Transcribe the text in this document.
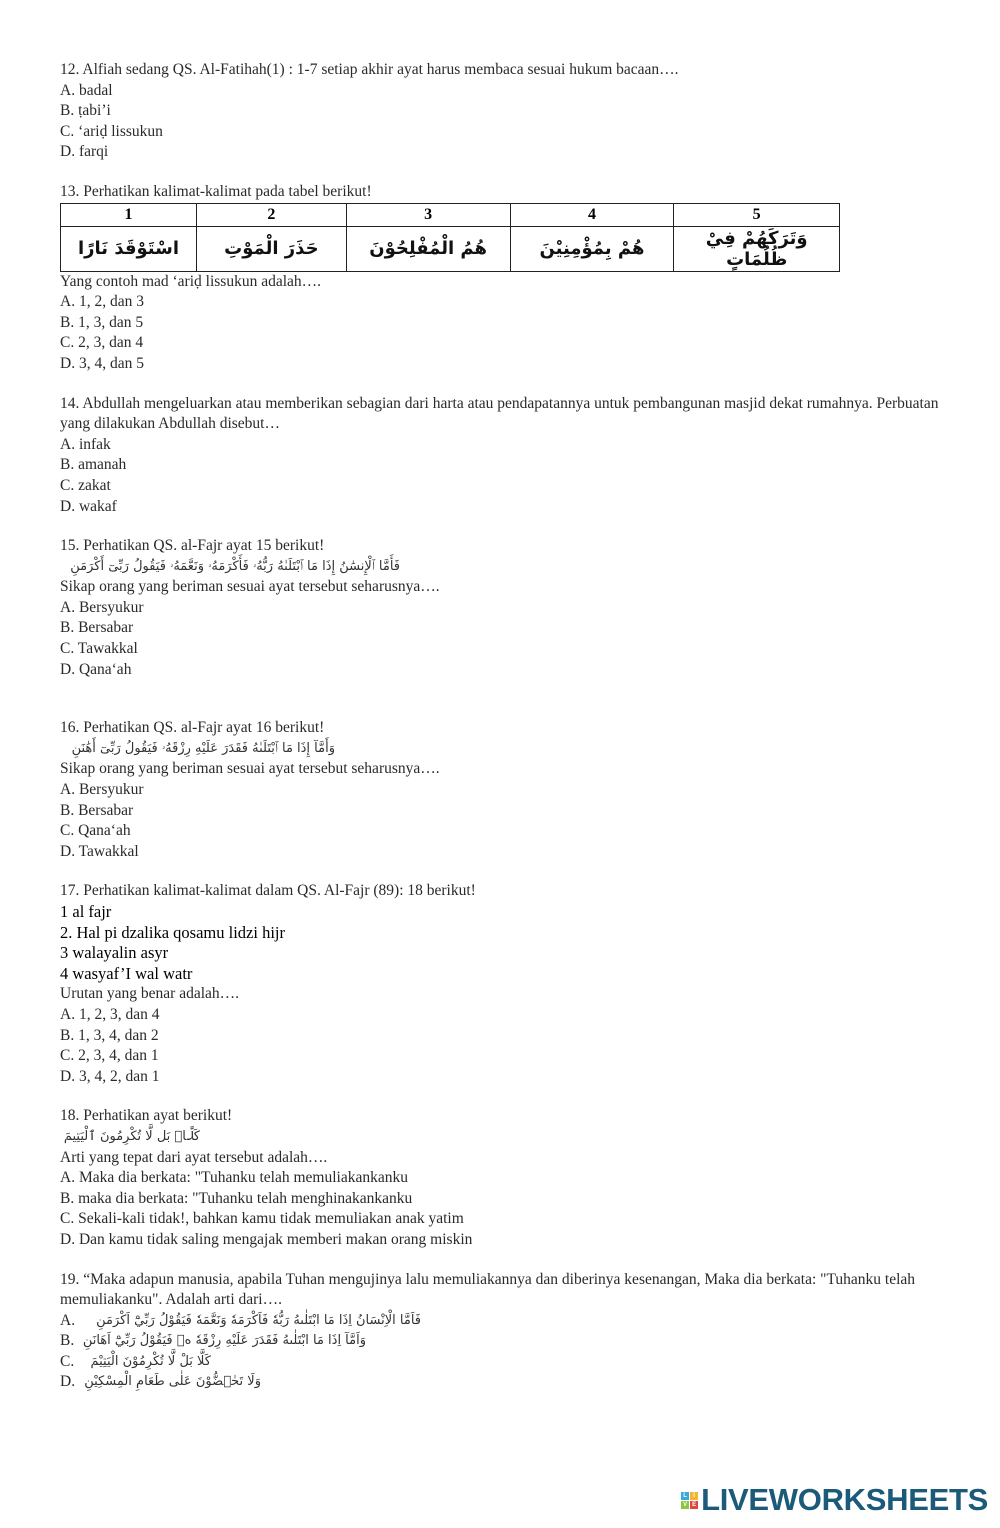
12. Alfiah sedang QS. Al-Fatihah(1) : 1-7 setiap akhir ayat harus membaca sesuai hukum bacaan….
A. badal
B. ṭabi’i
C. ‘ariḍ lissukun
D. farqi
13. Perhatikan kalimat-kalimat pada tabel berikut!
1	2	3	4	5
اسْتَوْقَدَ نَارًا	حَذَرَ الْمَوْتِ	هُمُ الْمُفْلِحُوْنَ	هُمْ بِمُؤْمِنِيْنَ	وَتَرَكَهُمْ فِيْ ظُلُمَاتٍ
Yang contoh mad ‘ariḍ lissukun adalah….
A. 1, 2, dan 3
B. 1, 3, dan 5
C. 2, 3, dan 4
D. 3, 4, dan 5
14. Abdullah mengeluarkan atau memberikan sebagian dari harta atau pendapatannya untuk pembangunan masjid dekat rumahnya. Perbuatan yang dilakukan Abdullah disebut…
A. infak
B. amanah
C. zakat
D. wakaf
15. Perhatikan QS. al-Fajr ayat 15 berikut!
فَأَمَّا ٱلْإِنسَٰنُ إِذَا مَا ٱبْتَلَىٰهُ رَبُّهُۥ فَأَكْرَمَهُۥ وَنَعَّمَهُۥ فَيَقُولُ رَبِّىٓ أَكْرَمَنِ
Sikap orang yang beriman sesuai ayat tersebut seharusnya….
A. Bersyukur
B. Bersabar
C. Tawakkal
D. Qana‘ah
16. Perhatikan QS. al-Fajr ayat 16 berikut!
وَأَمَّآ إِذَا مَا ٱبْتَلَىٰهُ فَقَدَرَ عَلَيْهِ رِزْقَهُۥ فَيَقُولُ رَبِّىٓ أَهَٰنَنِ
Sikap orang yang beriman sesuai ayat tersebut seharusnya….
A. Bersyukur
B. Bersabar
C. Qana‘ah
D. Tawakkal
17. Perhatikan kalimat-kalimat dalam QS. Al-Fajr (89): 18 berikut!
1 al fajr
2. Hal pi dzalika qosamu lidzi hijr
3 walayalin asyr
4 wasyaf’I wal watr
Urutan yang benar adalah….
A. 1, 2, 3, dan 4
B. 1, 3, 4, dan 2
C. 2, 3, 4, dan 1
D. 3, 4, 2, dan 1
18. Perhatikan ayat berikut!
كَلَّاۖ بَل لَّا تُكْرِمُونَ ٱلْيَتِيمَ
Arti yang tepat dari ayat tersebut adalah….
A. Maka dia berkata: "Tuhanku telah memuliakankanku
B. maka dia berkata: "Tuhanku telah menghinakankanku
C. Sekali-kali tidak!, bahkan kamu tidak memuliakan anak yatim
D. Dan kamu tidak saling mengajak memberi makan orang miskin
19. “Maka adapun manusia, apabila Tuhan mengujinya lalu memuliakannya dan diberinya kesenangan, Maka dia berkata: "Tuhanku telah memuliakanku". Adalah arti dari….
A.	فَاَمَّا الْاِنْسَانُ اِذَا مَا ابْتَلٰىهُ رَبُّهٗ فَاَكْرَمَهٗ وَنَعَّمَهٗ فَيَقُوْلُ رَبِّيْٓ اَكْرَمَنِ
B. وَاَمَّآ اِذَا مَا ابْتَلٰىهُ فَقَدَرَ عَلَيْهِ رِزْقَهٗ ەۙ فَيَقُوْلُ رَبِّيْٓ اَهَانَنِ
C.	كَلَّا بَلْ لَّا تُكْرِمُوْنَ الْيَتِيْمَ
D. وَلَا تَحٰۤضُّوْنَ عَلٰى طَعَامِ الْمِسْكِيْنِ
L	I
V E LIVEWORKSHEETS
